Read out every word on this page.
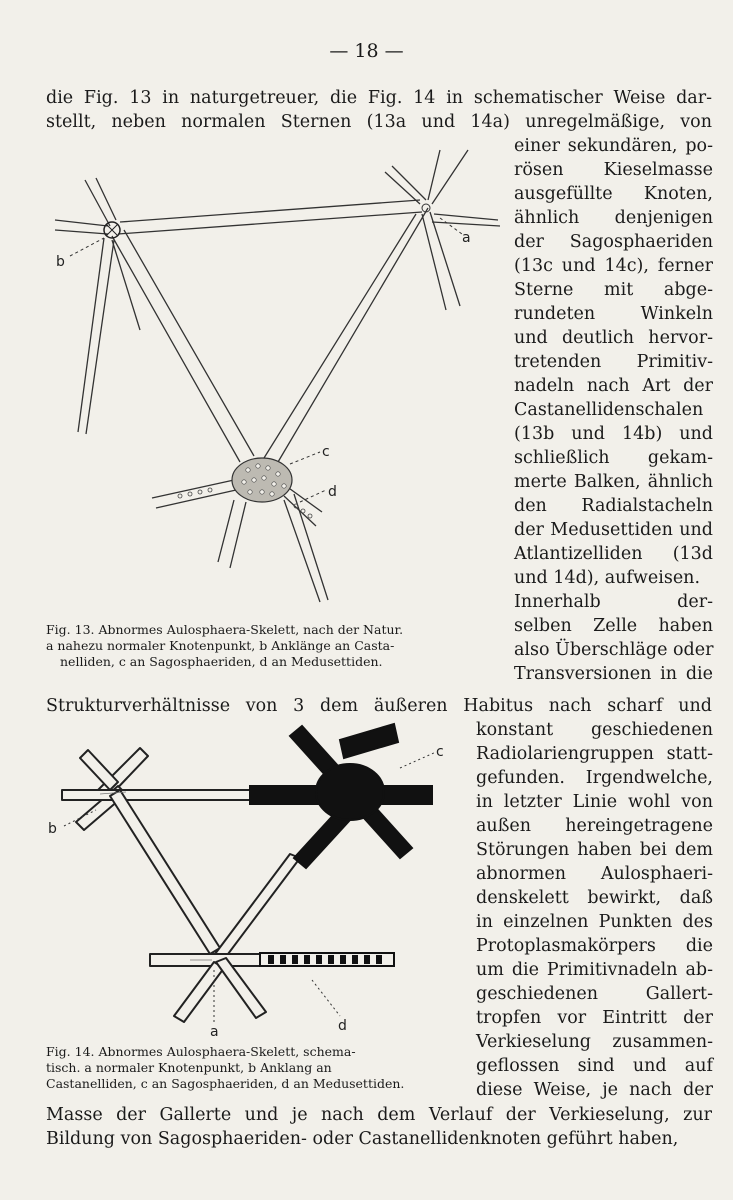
— 18 —
die Fig. 13 in naturgetreuer, die Fig. 14 in schematischer Weise dar-
stellt, neben normalen Sternen (13a und 14a) unregelmäßige, von
einer sekundären, po-
rösen Kieselmasse
ausgefüllte Knoten,
ähnlich denjenigen
der Sagosphaeriden
(13c und 14c), ferner
Sterne mit abge-
rundeten Winkeln
und deutlich hervor-
tretenden Primitiv-
nadeln nach Art der
Castanellidenschalen
(13b und 14b) und
schließlich gekam-
merte Balken, ähnlich
den Radialstacheln
der Medusettiden und
Atlantizelliden (13d
und 14d), aufweisen.
Innerhalb der-
selben Zelle haben
also Überschläge oder
Transversionen in die
Strukturverhältnisse von 3 dem äußeren Habitus nach scharf und
konstant geschiedenen
Radiolariengruppen statt-
gefunden. Irgendwelche,
in letzter Linie wohl von
außen hereingetragene
Störungen haben bei dem
abnormen Aulosphaeri-
denskelett bewirkt, daß
in einzelnen Punkten des
Protoplasmakörpers die
um die Primitivnadeln ab-
geschiedenen Gallert-
tropfen vor Eintritt der
Verkieselung zusammen-
geflossen sind und auf
diese Weise, je nach der
Masse der Gallerte und je nach dem Verlauf der Verkieselung, zur
Bildung von Sagosphaeriden- oder Castanellidenknoten geführt haben,
b
a
c
d
b
c
a	d
Fig. 13. Abnormes Aulosphaera-Skelett, nach der Natur.
a nahezu normaler Knotenpunkt, b Anklänge an Casta-
nelliden, c an Sagosphaeriden, d an Medusettiden.
Fig. 14. Abnormes Aulosphaera-Skelett, schema-
tisch. a normaler Knotenpunkt, b Anklang an
Castanelliden, c an Sagosphaeriden, d an Medusettiden.
